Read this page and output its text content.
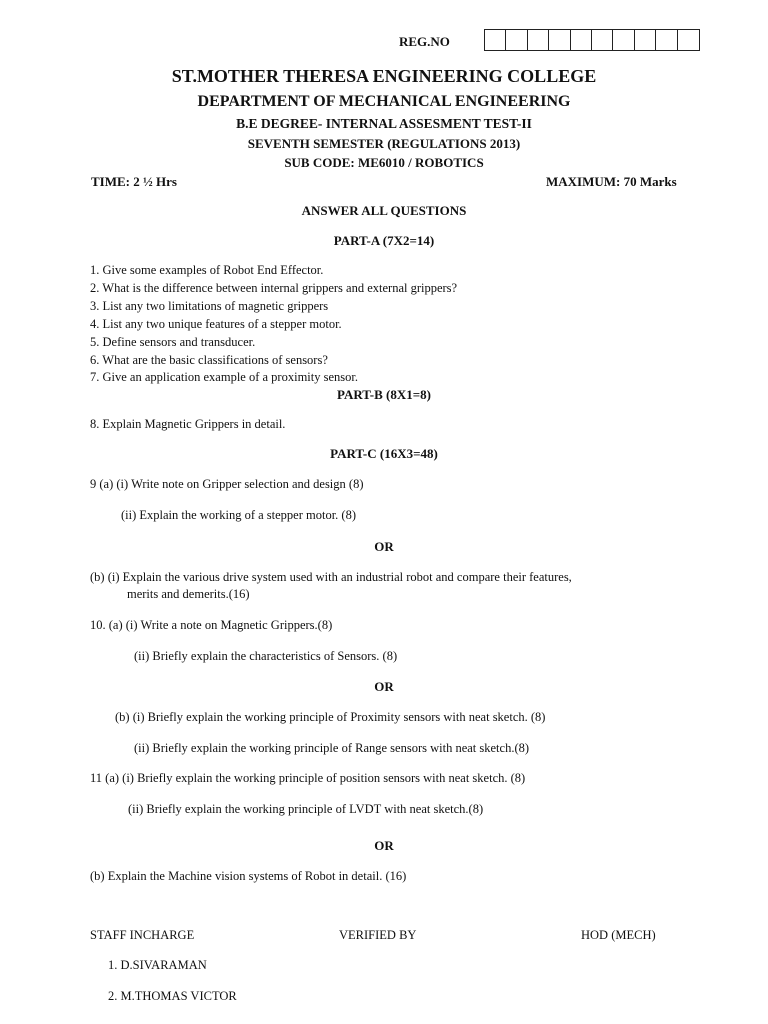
REG.NO
ST.MOTHER THERESA ENGINEERING COLLEGE
DEPARTMENT OF MECHANICAL ENGINEERING
B.E DEGREE- INTERNAL ASSESMENT TEST-II
SEVENTH SEMESTER (REGULATIONS 2013)
SUB CODE: ME6010 / ROBOTICS
TIME: 2 ½ Hrs	MAXIMUM: 70 Marks
ANSWER ALL QUESTIONS
PART-A (7X2=14)
1. Give some examples of Robot End Effector.
2. What is the difference between internal grippers and external grippers?
3. List any two limitations of magnetic grippers
4. List any two unique features of a stepper motor.
5. Define sensors and transducer.
6. What are the basic classifications of sensors?
7. Give an application example of a proximity sensor.
PART-B (8X1=8)
8. Explain Magnetic Grippers in detail.
PART-C (16X3=48)
9 (a) (i) Write note on Gripper selection and design (8)
(ii) Explain the working of a stepper motor. (8)
OR
(b) (i) Explain the various drive system used with an industrial robot and compare their features,
merits and demerits.(16)
10. (a) (i) Write a note on Magnetic Grippers.(8)
(ii) Briefly explain the characteristics of Sensors. (8)
OR
(b) (i) Briefly explain the working principle of Proximity sensors with neat sketch. (8)
(ii) Briefly explain the working principle of Range sensors with neat sketch.(8)
11 (a) (i) Briefly explain the working principle of position sensors with neat sketch. (8)
(ii) Briefly explain the working principle of LVDT with neat sketch.(8)
OR
(b) Explain the Machine vision systems of Robot in detail. (16)
STAFF INCHARGE	VERIFIED BY	HOD (MECH)
1. D.SIVARAMAN
2. M.THOMAS VICTOR
